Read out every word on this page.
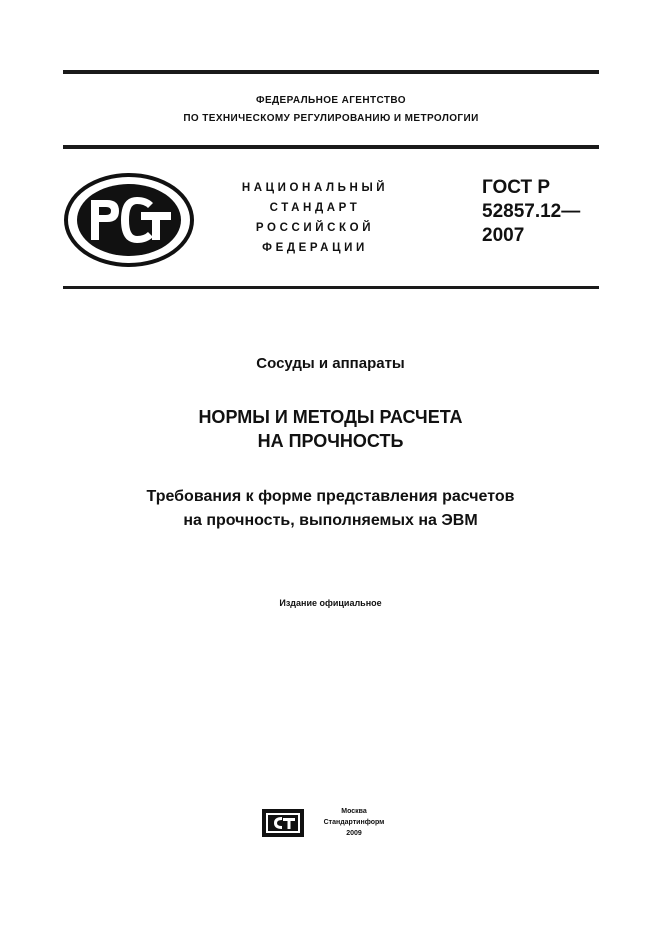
ФЕДЕРАЛЬНОЕ АГЕНТСТВО
ПО ТЕХНИЧЕСКОМУ РЕГУЛИРОВАНИЮ И МЕТРОЛОГИИ
НАЦИОНАЛЬНЫЙ
СТАНДАРТ
РОССИЙСКОЙ
ФЕДЕРАЦИИ
ГОСТ Р
52857.12—
2007
Сосуды и аппараты
НОРМЫ И МЕТОДЫ РАСЧЕТА
НА ПРОЧНОСТЬ
Требования к форме представления расчетов
на прочность, выполняемых на ЭВМ
Издание официальное
Москва
Стандартинформ
2009
